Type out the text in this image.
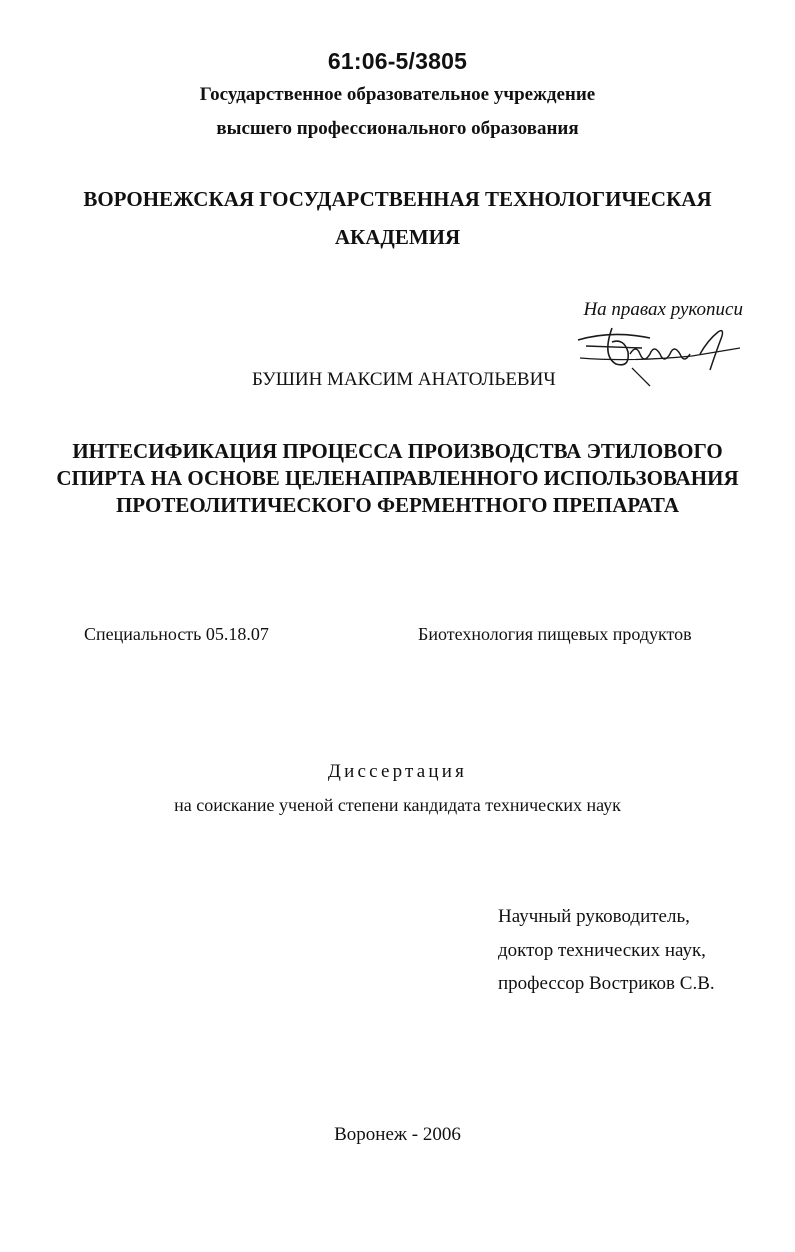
61:06-5/3805
Государственное образовательное учреждение
высшего профессионального образования
ВОРОНЕЖСКАЯ ГОСУДАРСТВЕННАЯ ТЕХНОЛОГИЧЕСКАЯ
АКАДЕМИЯ
На правах рукописи
БУШИН МАКСИМ АНАТОЛЬЕВИЧ
ИНТЕСИФИКАЦИЯ ПРОЦЕССА ПРОИЗВОДСТВА ЭТИЛОВОГО
СПИРТА НА ОСНОВЕ ЦЕЛЕНАПРАВЛЕННОГО ИСПОЛЬЗОВАНИЯ
ПРОТЕОЛИТИЧЕСКОГО ФЕРМЕНТНОГО ПРЕПАРАТА
Специальность 05.18.07	Биотехнология пищевых продуктов
Диссертация
на соискание ученой степени кандидата технических наук
Научный руководитель,
доктор технических наук,
профессор Востриков С.В.
Воронеж - 2006
